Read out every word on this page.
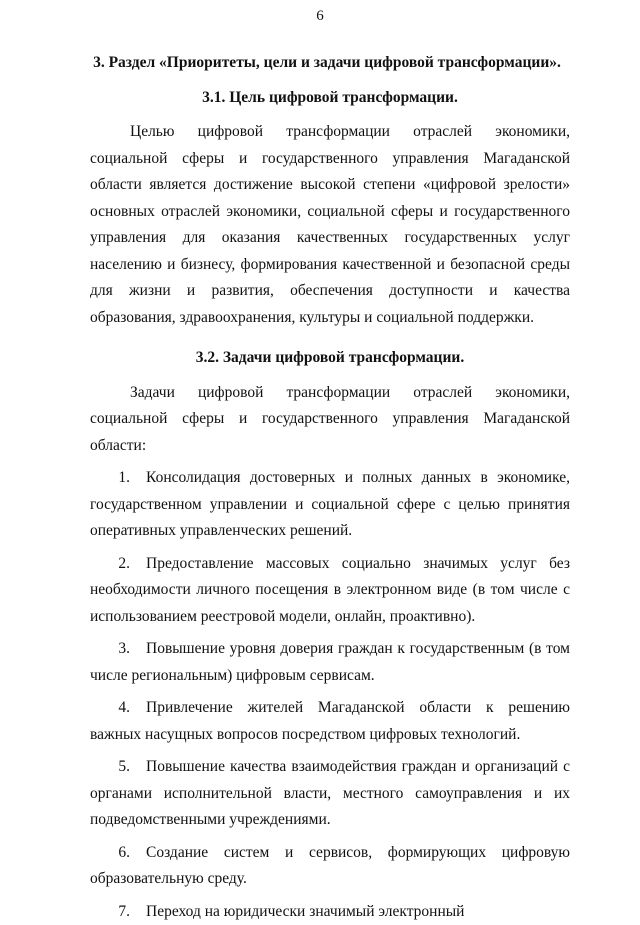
6
3. Раздел «Приоритеты, цели и задачи цифровой трансформации».
3.1. Цель цифровой трансформации.

Целью цифровой трансформации отраслей экономики, социальной сферы и государственного управления Магаданской области является достижение высокой степени «цифровой зрелости» основных отраслей экономики, социальной сферы и государственного управления для оказания качественных государственных услуг населению и бизнесу, формирования качественной и безопасной среды для жизни и развития, обеспечения доступности и качества образования, здравоохранения, культуры и социальной поддержки.

3.2. Задачи цифровой трансформации.

Задачи цифровой трансформации отраслей экономики, социальной сферы и государственного управления Магаданской области:

1. Консолидация достоверных и полных данных в экономике, государственном управлении и социальной сфере с целью принятия оперативных управленческих решений.
2. Предоставление массовых социально значимых услуг без необходимости личного посещения в электронном виде (в том числе с использованием реестровой модели, онлайн, проактивно).
3. Повышение уровня доверия граждан к государственным (в том числе региональным) цифровым сервисам.
4. Привлечение жителей Магаданской области к решению важных насущных вопросов посредством цифровых технологий.
5. Повышение качества взаимодействия граждан и организаций с органами исполнительной власти, местного самоуправления и их подведомственными учреждениями.
6. Создание систем и сервисов, формирующих цифровую образовательную среду.
7. Переход на юридически значимый электронный
